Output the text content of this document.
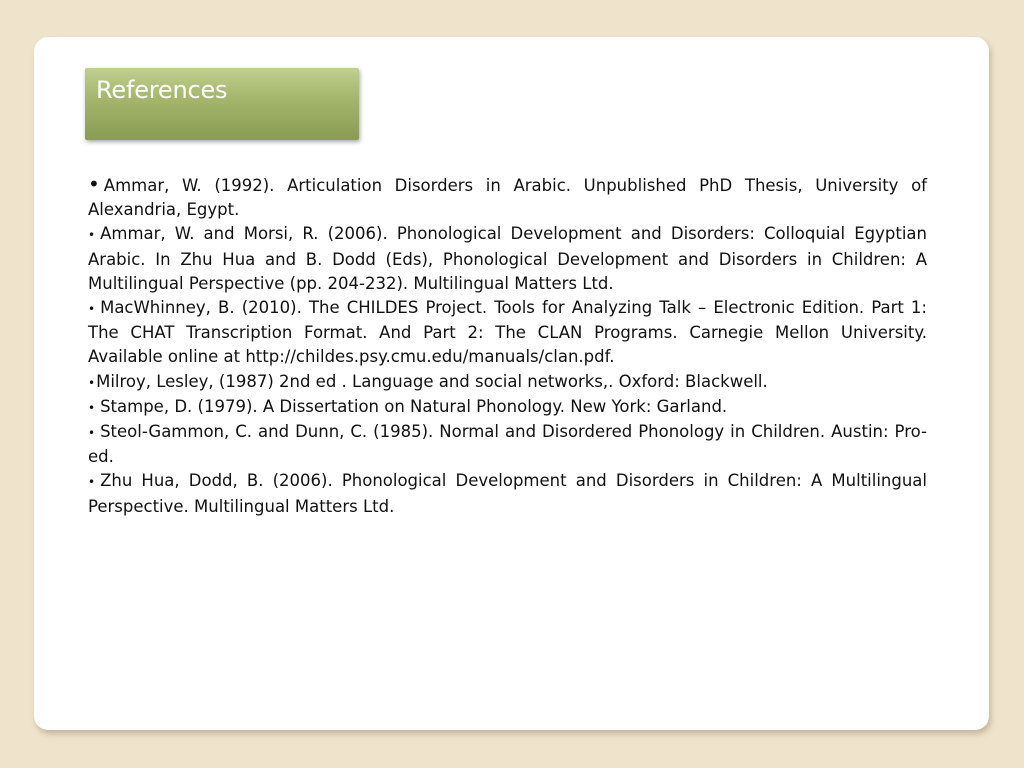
References

• Ammar, W. (1992). Articulation Disorders in Arabic. Unpublished PhD Thesis, University of Alexandria, Egypt.

• Ammar, W. and Morsi, R. (2006). Phonological Development and Disorders: Colloquial Egyptian Arabic. In Zhu Hua and B. Dodd (Eds), Phonological Development and Disorders in Children: A Multilingual Perspective (pp. 204-232). Multilingual Matters Ltd.

• MacWhinney, B. (2010). The CHILDES Project. Tools for Analyzing Talk – Electronic Edition. Part 1: The CHAT Transcription Format. And Part 2: The CLAN Programs. Carnegie Mellon University. Available online at http://childes.psy.cmu.edu/manuals/clan.pdf.

•Milroy, Lesley, (1987) 2nd ed . Language and social networks,. Oxford: Blackwell.

• Stampe, D. (1979). A Dissertation on Natural Phonology. New York: Garland.

• Steol-Gammon, C. and Dunn, C. (1985). Normal and Disordered Phonology in Children. Austin: Pro-ed.

• Zhu Hua, Dodd, B. (2006). Phonological Development and Disorders in Children: A Multilingual Perspective. Multilingual Matters Ltd.
